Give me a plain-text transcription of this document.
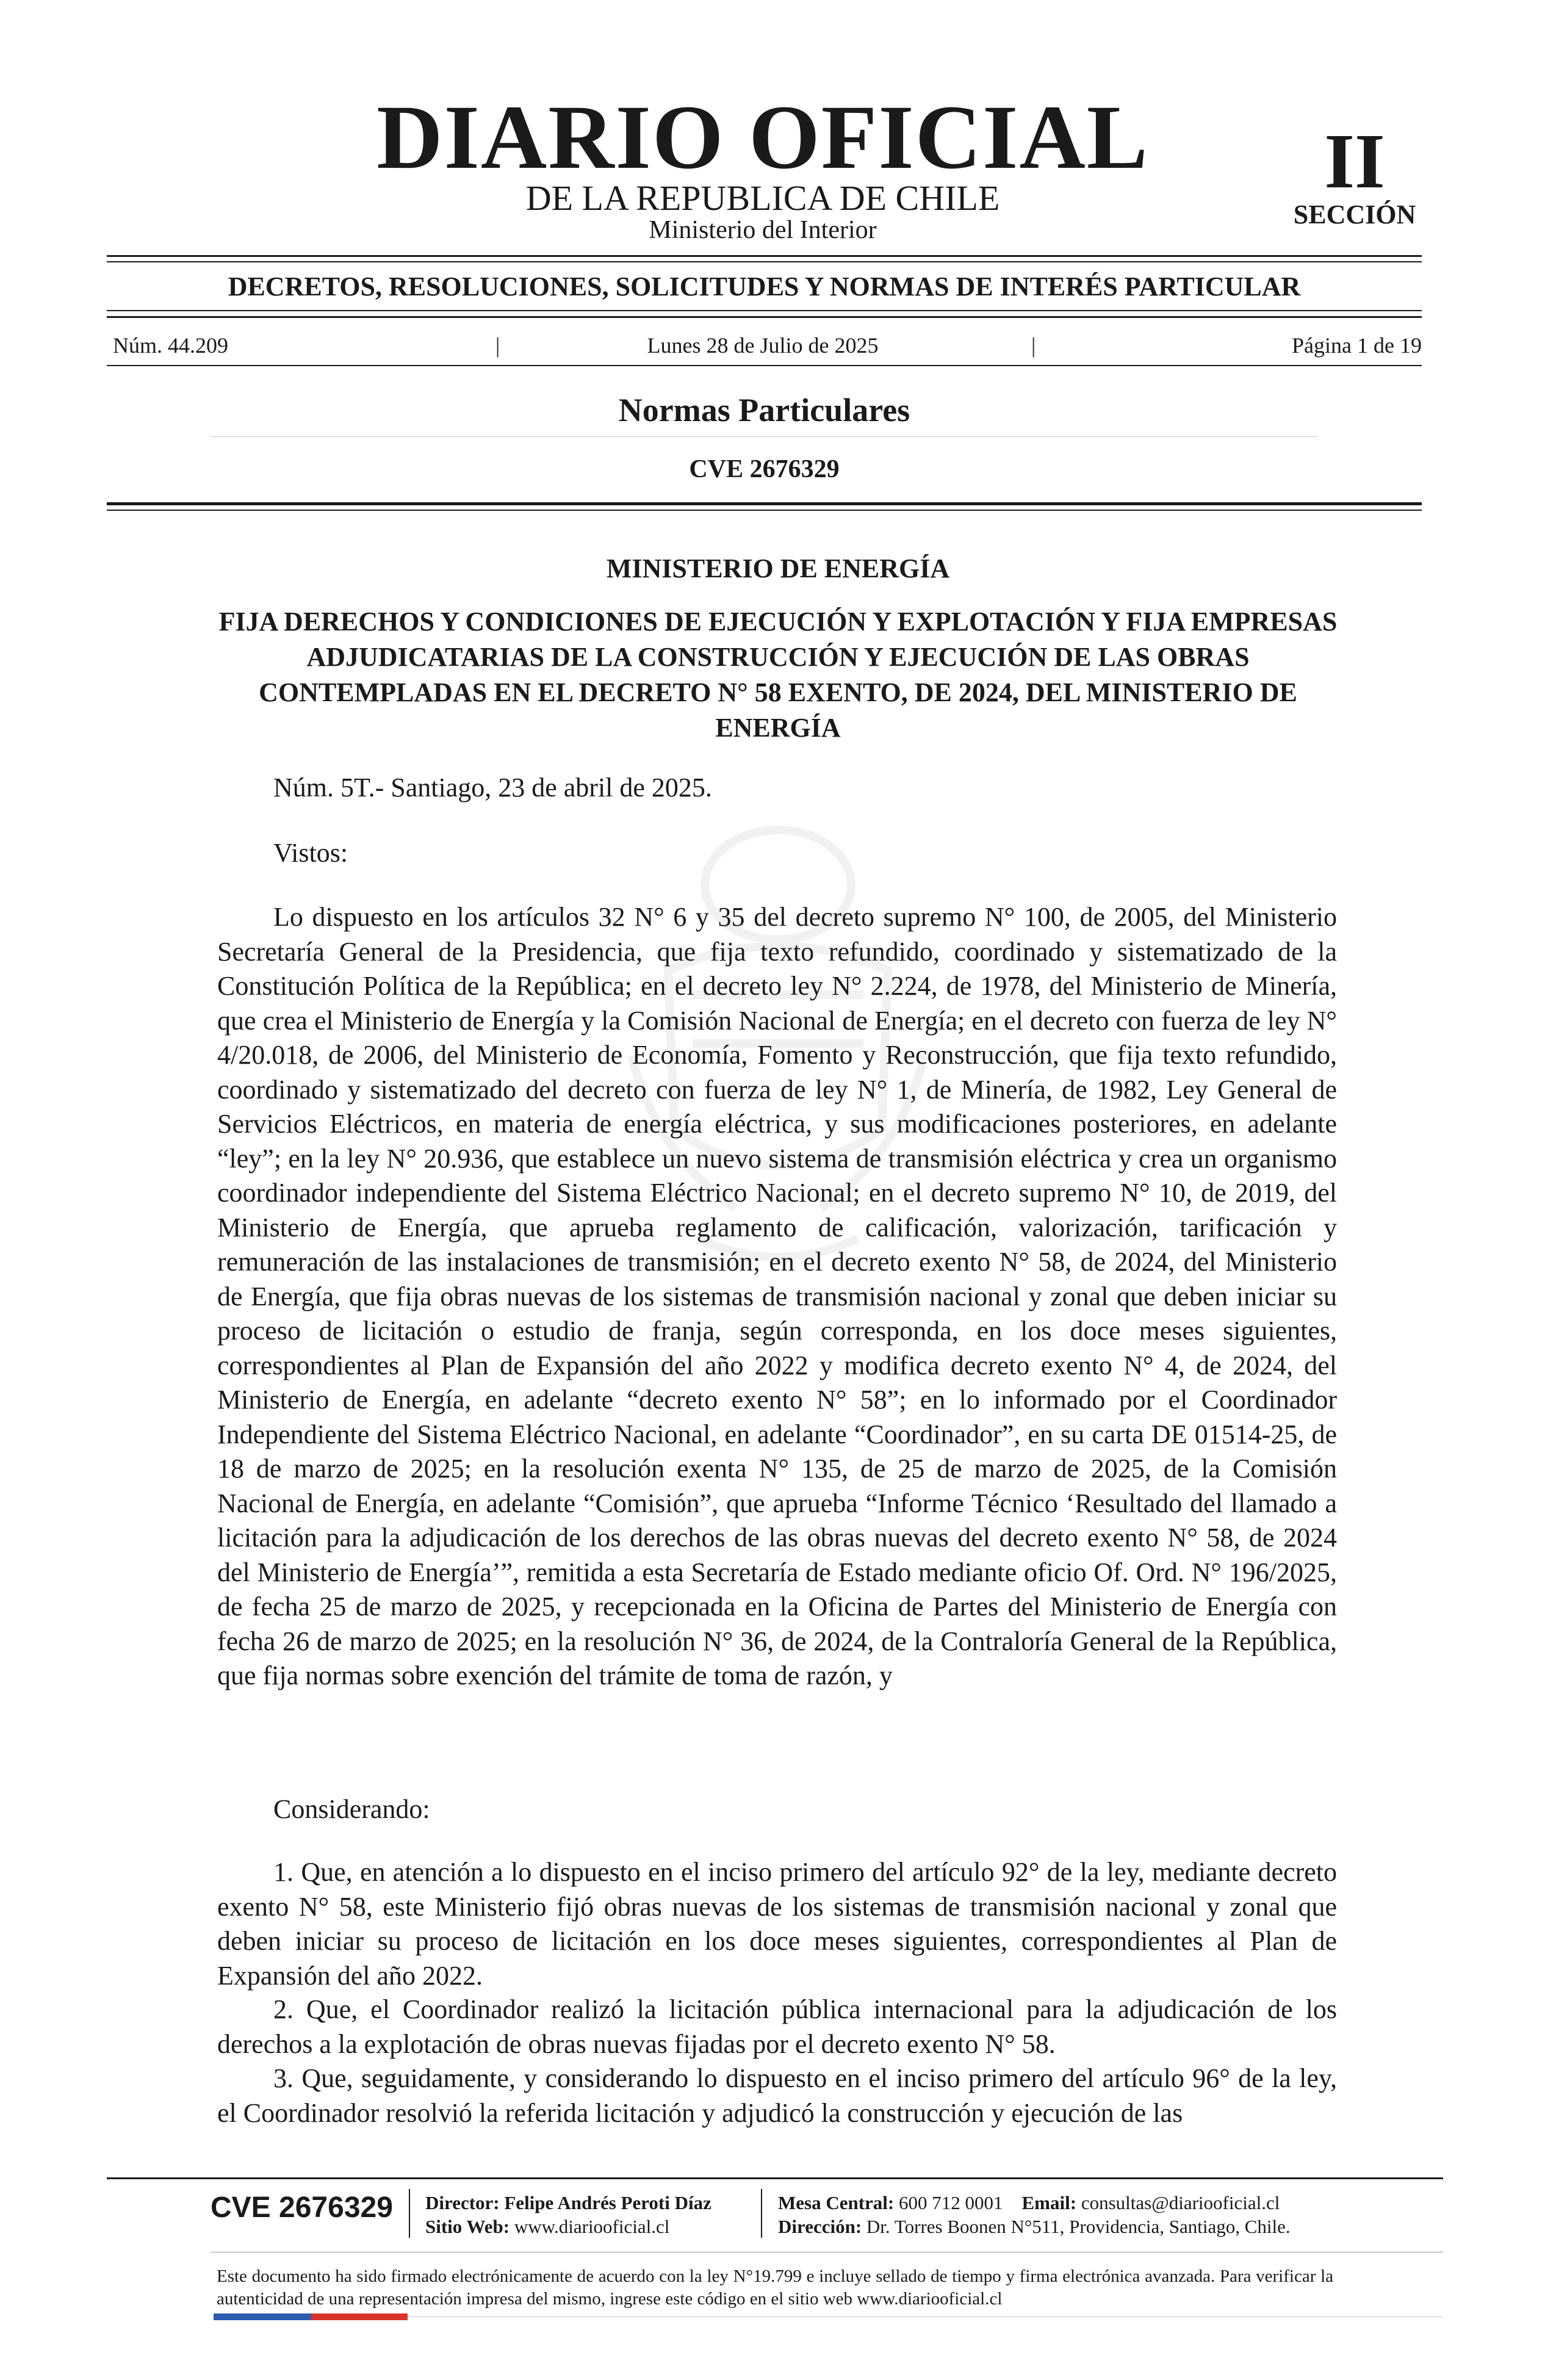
DIARIO OFICIAL
DE LA REPUBLICA DE CHILE
Ministerio del Interior
II
SECCIÓN
DECRETOS, RESOLUCIONES, SOLICITUDES Y NORMAS DE INTERÉS PARTICULAR
Núm. 44.209	|	Lunes 28 de Julio de 2025	|	Página 1 de 19
Normas Particulares
CVE 2676329
MINISTERIO DE ENERGÍA
FIJA DERECHOS Y CONDICIONES DE EJECUCIÓN Y EXPLOTACIÓN Y FIJA EMPRESAS ADJUDICATARIAS DE LA CONSTRUCCIÓN Y EJECUCIÓN DE LAS OBRAS CONTEMPLADAS EN EL DECRETO N° 58 EXENTO, DE 2024, DEL MINISTERIO DE ENERGÍA

Núm. 5T.- Santiago, 23 de abril de 2025.

Vistos:

Lo dispuesto en los artículos 32 N° 6 y 35 del decreto supremo N° 100, de 2005, del Ministerio Secretaría General de la Presidencia, que fija texto refundido, coordinado y sistematizado de la Constitución Política de la República; en el decreto ley N° 2.224, de 1978, del Ministerio de Minería, que crea el Ministerio de Energía y la Comisión Nacional de Energía; en el decreto con fuerza de ley N° 4/20.018, de 2006, del Ministerio de Economía, Fomento y Reconstrucción, que fija texto refundido, coordinado y sistematizado del decreto con fuerza de ley N° 1, de Minería, de 1982, Ley General de Servicios Eléctricos, en materia de energía eléctrica, y sus modificaciones posteriores, en adelante “ley”; en la ley N° 20.936, que establece un nuevo sistema de transmisión eléctrica y crea un organismo coordinador independiente del Sistema Eléctrico Nacional; en el decreto supremo N° 10, de 2019, del Ministerio de Energía, que aprueba reglamento de calificación, valorización, tarificación y remuneración de las instalaciones de transmisión; en el decreto exento N° 58, de 2024, del Ministerio de Energía, que fija obras nuevas de los sistemas de transmisión nacional y zonal que deben iniciar su proceso de licitación o estudio de franja, según corresponda, en los doce meses siguientes, correspondientes al Plan de Expansión del año 2022 y modifica decreto exento N° 4, de 2024, del Ministerio de Energía, en adelante “decreto exento N° 58”; en lo informado por el Coordinador Independiente del Sistema Eléctrico Nacional, en adelante “Coordinador”, en su carta DE 01514-25, de 18 de marzo de 2025; en la resolución exenta N° 135, de 25 de marzo de 2025, de la Comisión Nacional de Energía, en adelante “Comisión”, que aprueba “Informe Técnico ‘Resultado del llamado a licitación para la adjudicación de los derechos de las obras nuevas del decreto exento N° 58, de 2024 del Ministerio de Energía’”, remitida a esta Secretaría de Estado mediante oficio Of. Ord. N° 196/2025, de fecha 25 de marzo de 2025, y recepcionada en la Oficina de Partes del Ministerio de Energía con fecha 26 de marzo de 2025; en la resolución N° 36, de 2024, de la Contraloría General de la República, que fija normas sobre exención del trámite de toma de razón, y

Considerando:

1. Que, en atención a lo dispuesto en el inciso primero del artículo 92° de la ley, mediante decreto exento N° 58, este Ministerio fijó obras nuevas de los sistemas de transmisión nacional y zonal que deben iniciar su proceso de licitación en los doce meses siguientes, correspondientes al Plan de Expansión del año 2022.

2. Que, el Coordinador realizó la licitación pública internacional para la adjudicación de los derechos a la explotación de obras nuevas fijadas por el decreto exento N° 58.

3. Que, seguidamente, y considerando lo dispuesto en el inciso primero del artículo 96° de la ley, el Coordinador resolvió la referida licitación y adjudicó la construcción y ejecución de las

CVE 2676329 Director: Felipe Andrés Peroti Díaz
Sitio Web: www.diariooficial.cl
Mesa Central: 600 712 0001 Email: consultas@diariooficial.cl
Dirección: Dr. Torres Boonen N°511, Providencia, Santiago, Chile.
Este documento ha sido firmado electrónicamente de acuerdo con la ley N°19.799 e incluye sellado de tiempo y firma electrónica avanzada. Para verificar la autenticidad de una representación impresa del mismo, ingrese este código en el sitio web www.diariooficial.cl
